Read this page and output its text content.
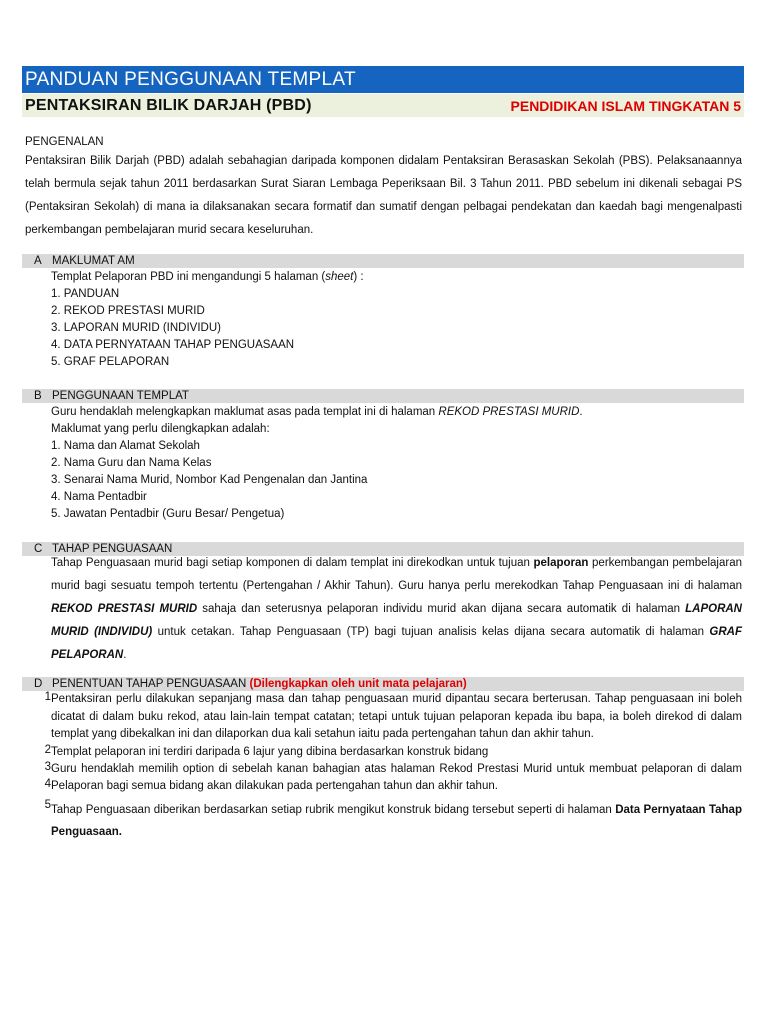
PANDUAN PENGGUNAAN TEMPLAT
PENTAKSIRAN BILIK DARJAH (PBD)	PENDIDIKAN ISLAM TINGKATAN 5
PENGENALAN
Pentaksiran Bilik Darjah (PBD) adalah sebahagian daripada komponen didalam Pentaksiran Berasaskan Sekolah (PBS). Pelaksanaannya telah bermula sejak tahun 2011 berdasarkan Surat Siaran Lembaga Peperiksaan Bil. 3 Tahun 2011. PBD sebelum ini dikenali sebagai PS (Pentaksiran Sekolah) di mana ia dilaksanakan secara formatif dan sumatif dengan pelbagai pendekatan dan kaedah bagi mengenalpasti perkembangan pembelajaran murid secara keseluruhan.
A MAKLUMAT AM
Templat Pelaporan PBD ini mengandungi 5 halaman (sheet) :
1. PANDUAN
2. REKOD PRESTASI MURID
3. LAPORAN MURID (INDIVIDU)
4. DATA PERNYATAAN TAHAP PENGUASAAN
5. GRAF PELAPORAN
B PENGGUNAAN TEMPLAT
Guru hendaklah melengkapkan maklumat asas pada templat ini di halaman REKOD PRESTASI MURID.
Maklumat yang perlu dilengkapkan adalah:
1. Nama dan Alamat Sekolah
2. Nama Guru dan Nama Kelas
3. Senarai Nama Murid, Nombor Kad Pengenalan dan Jantina
4. Nama Pentadbir
5. Jawatan Pentadbir (Guru Besar/ Pengetua)
C TAHAP PENGUASAAN
Tahap Penguasaan murid bagi setiap komponen di dalam templat ini direkodkan untuk tujuan pelaporan perkembangan pembelajaran murid bagi sesuatu tempoh tertentu (Pertengahan / Akhir Tahun). Guru hanya perlu merekodkan Tahap Penguasaan ini di halaman REKOD PRESTASI MURID sahaja dan seterusnya pelaporan individu murid akan dijana secara automatik di halaman LAPORAN MURID (INDIVIDU) untuk cetakan. Tahap Penguasaan (TP) bagi tujuan analisis kelas dijana secara automatik di halaman GRAF PELAPORAN.
D PENENTUAN TAHAP PENGUASAAN (Dilengkapkan oleh unit mata pelajaran)
1 Pentaksiran perlu dilakukan sepanjang masa dan tahap penguasaan murid dipantau secara berterusan. Tahap penguasaan ini boleh dicatat di dalam buku rekod, atau lain-lain tempat catatan; tetapi untuk tujuan pelaporan kepada ibu bapa, ia boleh direkod di dalam templat yang dibekalkan ini dan dilaporkan dua kali setahun iaitu pada pertengahan tahun dan akhir tahun.
2 Templat pelaporan ini terdiri daripada 6 lajur yang dibina berdasarkan konstruk bidang
3 Guru hendaklah memilih option di sebelah kanan bahagian atas halaman Rekod Prestasi Murid untuk membuat pelaporan di dalam
4 Pelaporan bagi semua bidang akan dilakukan pada pertengahan tahun dan akhir tahun.
5 Tahap Penguasaan diberikan berdasarkan setiap rubrik mengikut konstruk bidang tersebut seperti di halaman Data Pernyataan Tahap Penguasaan.
